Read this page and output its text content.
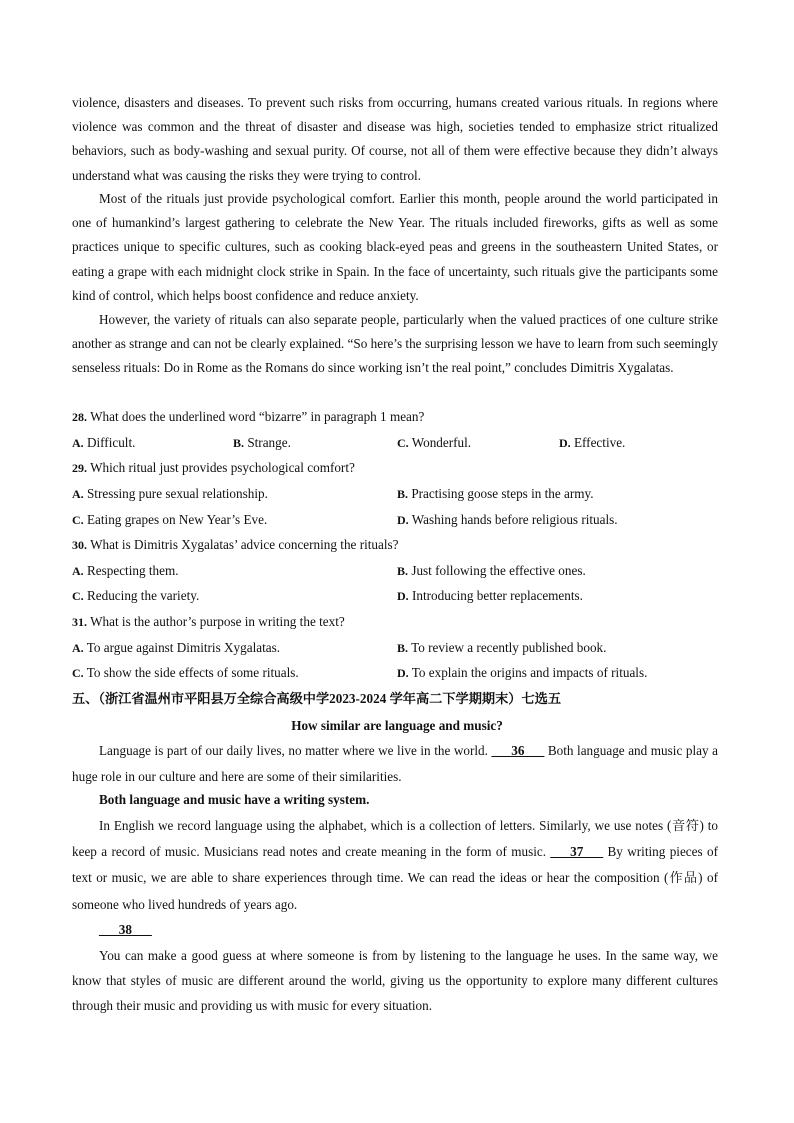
violence, disasters and diseases. To prevent such risks from occurring, humans created various rituals. In regions where violence was common and the threat of disaster and disease was high, societies tended to emphasize strict ritualized behaviors, such as body-washing and sexual purity. Of course, not all of them were effective because they didn’t always understand what was causing the risks they were trying to control.

Most of the rituals just provide psychological comfort. Earlier this month, people around the world participated in one of humankind’s largest gathering to celebrate the New Year. The rituals included fireworks, gifts as well as some practices unique to specific cultures, such as cooking black-eyed peas and greens in the southeastern United States, or eating a grape with each midnight clock strike in Spain. In the face of uncertainty, such rituals give the participants some kind of control, which helps boost confidence and reduce anxiety.

However, the variety of rituals can also separate people, particularly when the valued practices of one culture strike another as strange and can not be clearly explained. “So here’s the surprising lesson we have to learn from such seemingly senseless rituals: Do in Rome as the Romans do since working isn’t the real point,” concludes Dimitris Xygalatas.

28. What does the underlined word “bizarre” in paragraph 1 mean?
A. Difficult.	B. Strange.	C. Wonderful.	D. Effective.
29. Which ritual just provides psychological comfort?
A. Stressing pure sexual relationship.	B. Practising goose steps in the army.
C. Eating grapes on New Year’s Eve.	D. Washing hands before religious rituals.
30. What is Dimitris Xygalatas’ advice concerning the rituals?
A. Respecting them.	B. Just following the effective ones.
C. Reducing the variety.	D. Introducing better replacements.
31. What is the author’s purpose in writing the text?
A. To argue against Dimitris Xygalatas.	B. To review a recently published book.
C. To show the side effects of some rituals.	D. To explain the origins and impacts of rituals.
五、（浙江省温州市平阳县万全综合高级中学2023-2024 学年高二下学期期末）七选五
How similar are language and music?

Language is part of our daily lives, no matter where we live in the world. ___36___ Both language and music play a huge role in our culture and here are some of their similarities.

Both language and music have a writing system.

In English we record language using the alphabet, which is a collection of letters. Similarly, we use notes (音符) to keep a record of music. Musicians read notes and create meaning in the form of music. ___37___ By writing pieces of text or music, we are able to share experiences through time. We can read the ideas or hear the composition (作品) of someone who lived hundreds of years ago.

___38___

You can make a good guess at where someone is from by listening to the language he uses. In the same way, we know that styles of music are different around the world, giving us the opportunity to explore many different cultures through their music and providing us with music for every situation.
